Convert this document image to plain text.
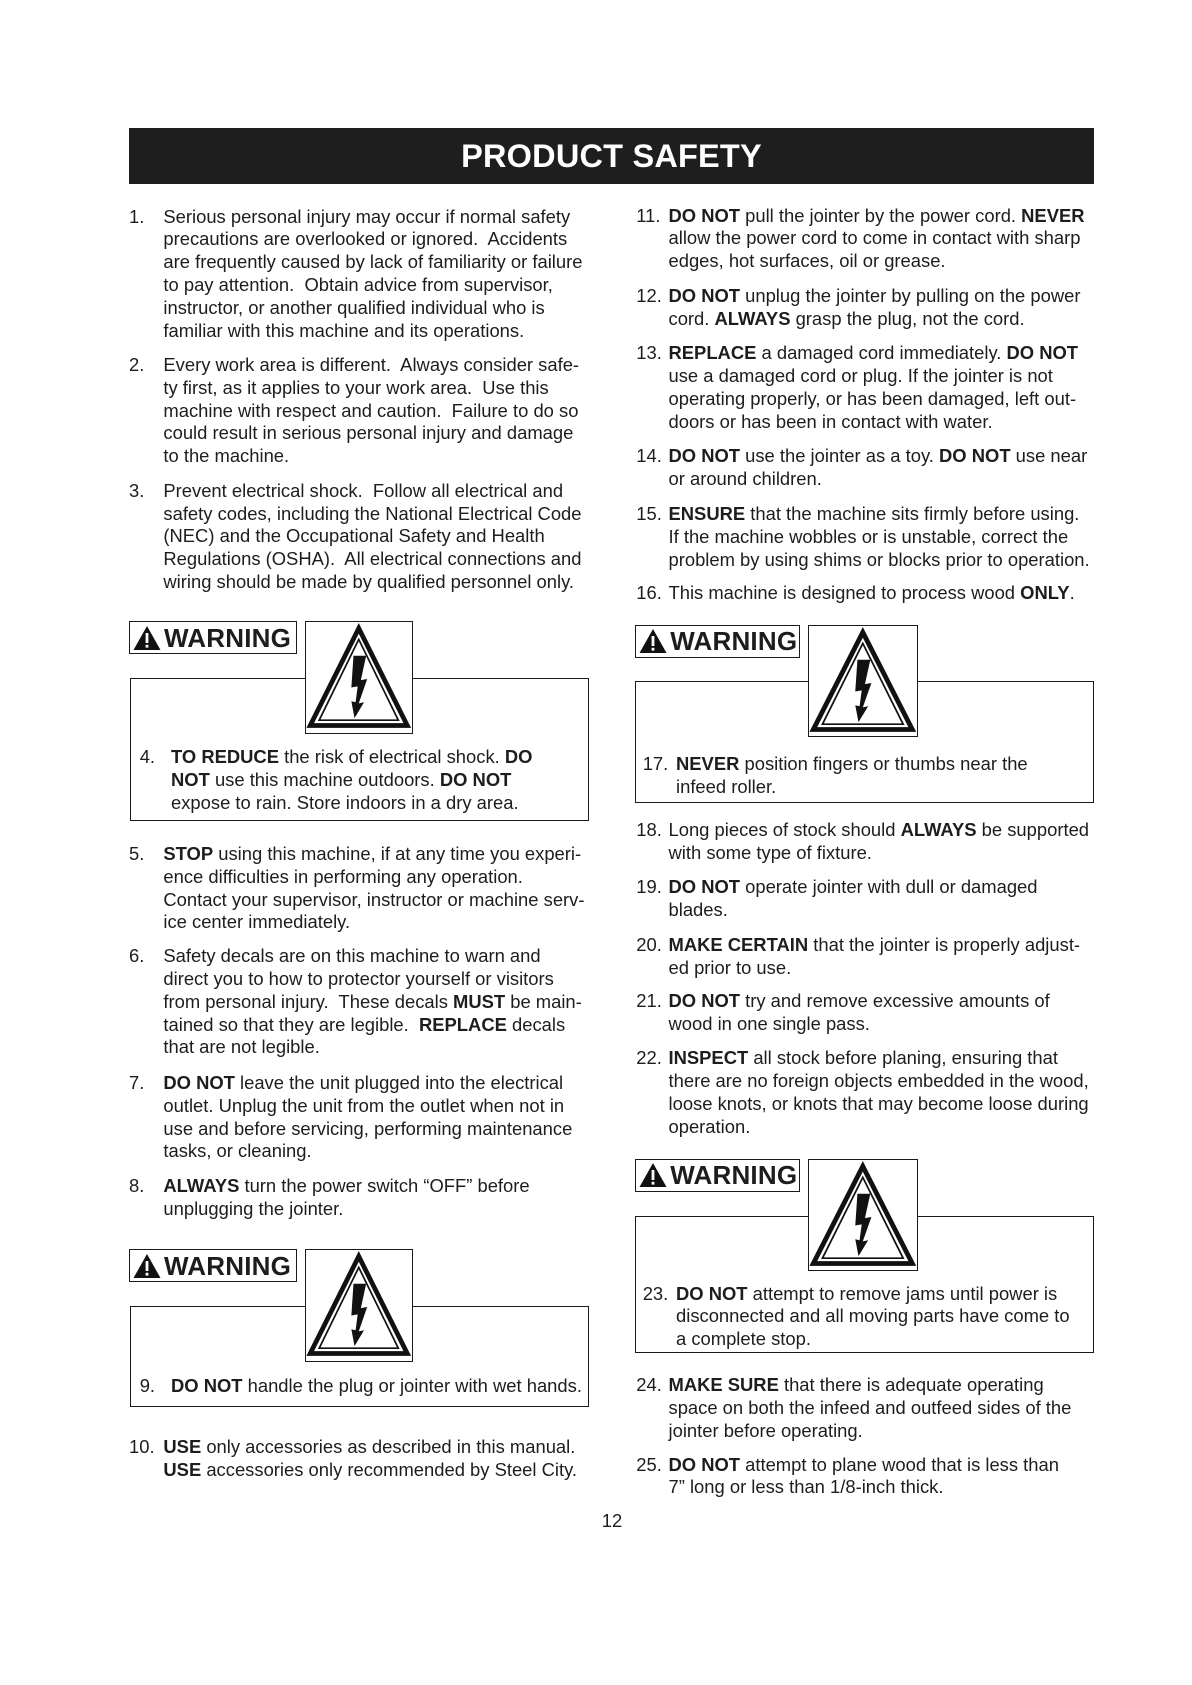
PRODUCT SAFETY
12
1. Serious personal injury may occur if normal safety
precautions are overlooked or ignored.  Accidents
are frequently caused by lack of familiarity or failure
to pay attention.  Obtain advice from supervisor,
instructor, or another qualified individual who is
familiar with this machine and its operations.
2. Every work area is different.  Always consider safe-
ty first, as it applies to your work area.  Use this
machine with respect and caution.  Failure to do so
could result in serious personal injury and damage
to the machine.
3. Prevent electrical shock.  Follow all electrical and
safety codes, including the National Electrical Code
(NEC) and the Occupational Safety and Health
Regulations (OSHA).  All electrical connections and
wiring should be made by qualified personnel only.
WARNING
4. TO REDUCE the risk of electrical shock. DO
NOT use this machine outdoors. DO NOT
expose to rain. Store indoors in a dry area.
5. STOP using this machine, if at any time you experi-
ence difficulties in performing any operation.
Contact your supervisor, instructor or machine serv-
ice center immediately.
6. Safety decals are on this machine to warn and
direct you to how to protector yourself or visitors
from personal injury.  These decals MUST be main-
tained so that they are legible.  REPLACE decals
that are not legible.
7. DO NOT leave the unit plugged into the electrical
outlet. Unplug the unit from the outlet when not in
use and before servicing, performing maintenance
tasks, or cleaning.
8. ALWAYS turn the power switch “OFF” before
unplugging the jointer.
WARNING
9. DO NOT handle the plug or jointer with wet hands.
10. USE only accessories as described in this manual.
USE accessories only recommended by Steel City.
11. DO NOT pull the jointer by the power cord. NEVER
allow the power cord to come in contact with sharp
edges, hot surfaces, oil or grease.
12. DO NOT unplug the jointer by pulling on the power
cord. ALWAYS grasp the plug, not the cord.
13. REPLACE a damaged cord immediately. DO NOT
use a damaged cord or plug. If the jointer is not
operating properly, or has been damaged, left out-
doors or has been in contact with water.
14. DO NOT use the jointer as a toy. DO NOT use near
or around children.
15. ENSURE that the machine sits firmly before using.
If the machine wobbles or is unstable, correct the
problem by using shims or blocks prior to operation.
16. This machine is designed to process wood ONLY.
WARNING
17. NEVER position fingers or thumbs near the
infeed roller.
18. Long pieces of stock should ALWAYS be supported
with some type of fixture.
19. DO NOT operate jointer with dull or damaged
blades.
20. MAKE CERTAIN that the jointer is properly adjust-
ed prior to use.
21. DO NOT try and remove excessive amounts of
wood in one single pass.
22. INSPECT all stock before planing, ensuring that
there are no foreign objects embedded in the wood,
loose knots, or knots that may become loose during
operation.
WARNING
23. DO NOT attempt to remove jams until power is
disconnected and all moving parts have come to
a complete stop.
24. MAKE SURE that there is adequate operating
space on both the infeed and outfeed sides of the
jointer before operating.
25. DO NOT attempt to plane wood that is less than
7” long or less than 1/8-inch thick.
